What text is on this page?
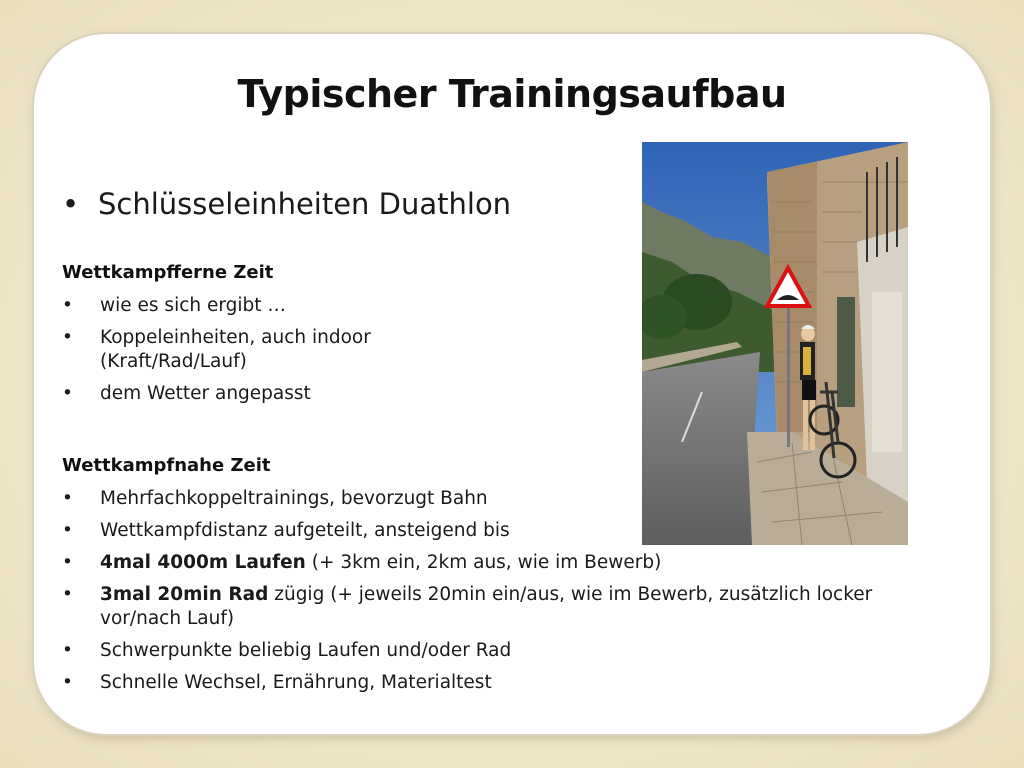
Typischer Trainingsaufbau
• Schlüsseleinheiten Duathlon
Wettkampfferne Zeit
• wie es sich ergibt …
• Koppeleinheiten, auch indoor
(Kraft/Rad/Lauf)
• dem Wetter angepasst
Wettkampfnahe Zeit
• Mehrfachkoppeltrainings, bevorzugt Bahn
• Wettkampfdistanz aufgeteilt, ansteigend bis
• 4mal 4000m Laufen (+ 3km ein, 2km aus, wie im Bewerb)
• 3mal 20min Rad zügig (+ jeweils 20min ein/aus, wie im Bewerb, zusätzlich locker vor/nach Lauf)
• Schwerpunkte beliebig Laufen und/oder Rad
• Schnelle Wechsel, Ernährung, Materialtest
